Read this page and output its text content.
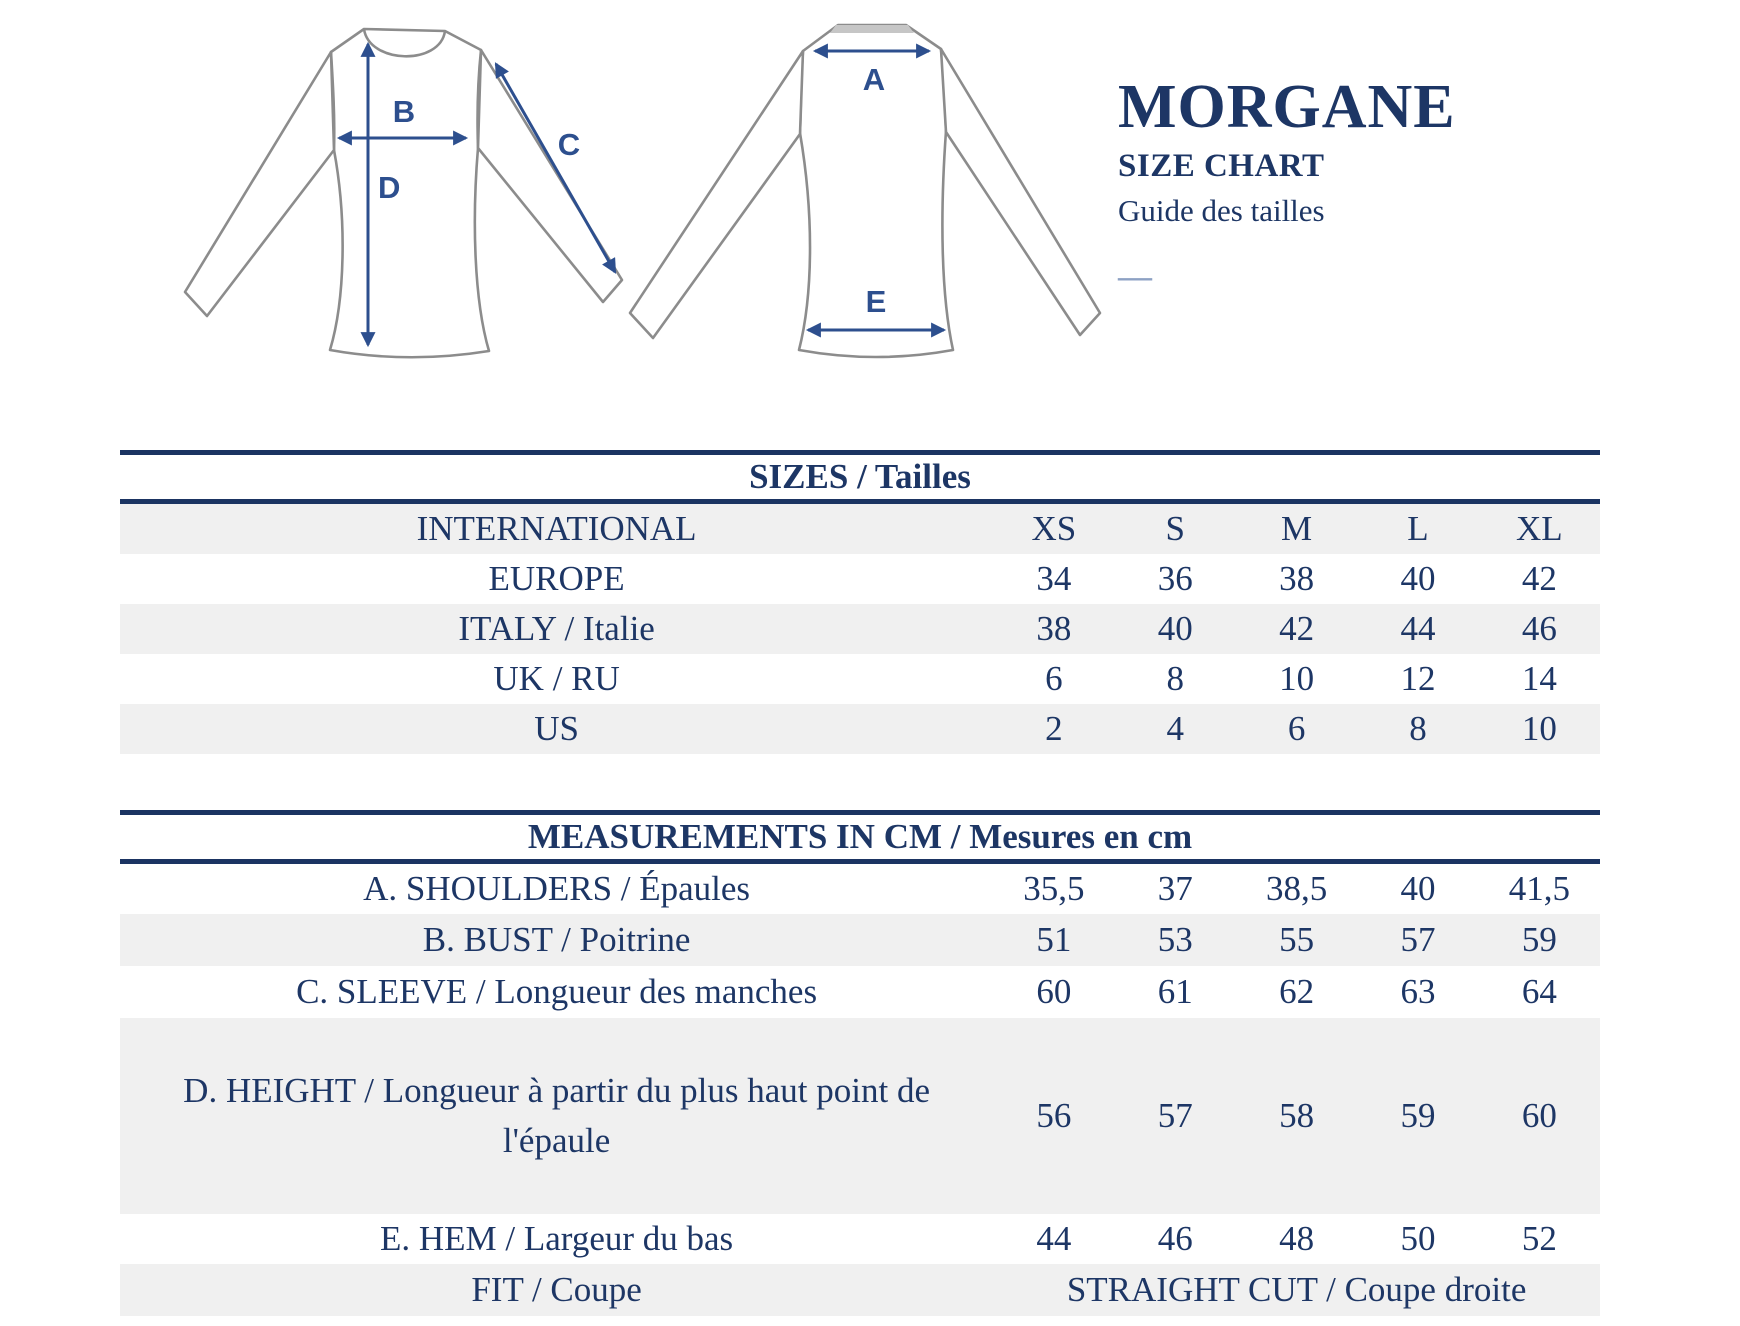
B
D
C
A
E
MORGANE
SIZE CHART
Guide des tailles
—
SIZES / Tailles
INTERNATIONAL	XS	S	M	L	XL
EUROPE	34	36	38	40	42
ITALY / Italie	38	40	42	44	46
UK / RU	6	8	10	12	14
US	2	4	6	8	10
MEASUREMENTS IN CM / Mesures en cm
A. SHOULDERS / Épaules	35,5	37	38,5	40	41,5
B. BUST / Poitrine	51	53	55	57	59
C. SLEEVE / Longueur des manches	60	61	62	63	64
D. HEIGHT / Longueur à partir du plus haut point de l'épaule
56	57	58	59	60
E. HEM / Largeur du bas	44	46	48	50	52
FIT / Coupe	STRAIGHT CUT / Coupe droite
